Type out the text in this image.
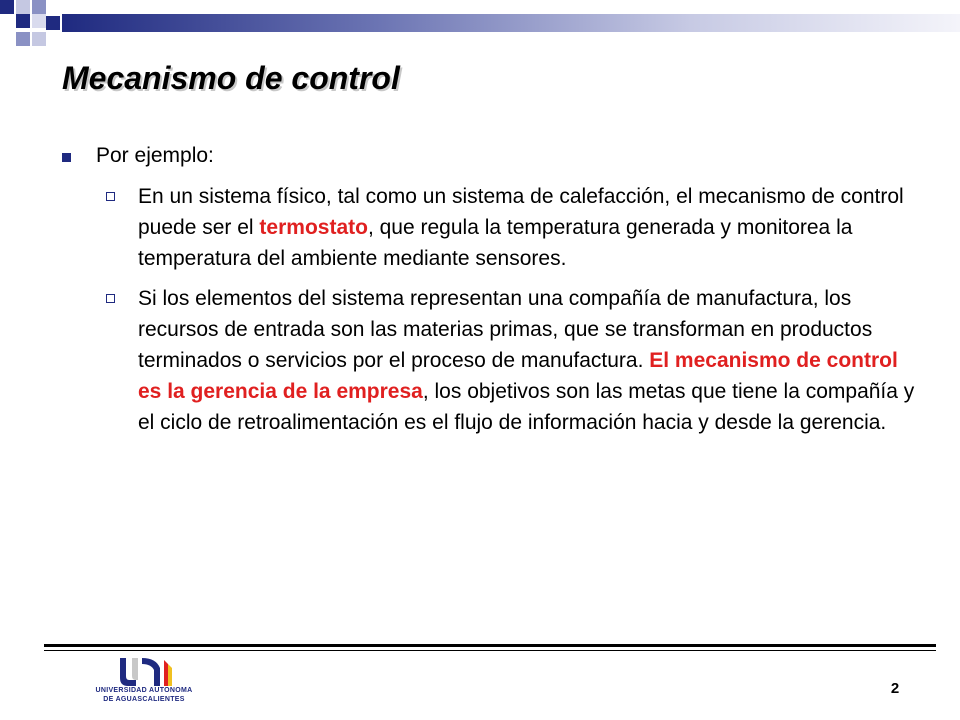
Mecanismo de control
Por ejemplo:
En un sistema físico, tal como un sistema de calefacción, el mecanismo de control puede ser el termostato, que regula la temperatura generada y monitorea la temperatura del ambiente mediante sensores.
Si los elementos del sistema representan una compañía de manufactura, los recursos de entrada son las materias primas, que se transforman en productos terminados o servicios por el proceso de manufactura. El mecanismo de control es la gerencia de la empresa, los objetivos son las metas que tiene la compañía y el ciclo de retroalimentación es el flujo de información hacia y desde la gerencia.
UNIVERSIDAD AUTONOMA
DE AGUASCALIENTES
2
